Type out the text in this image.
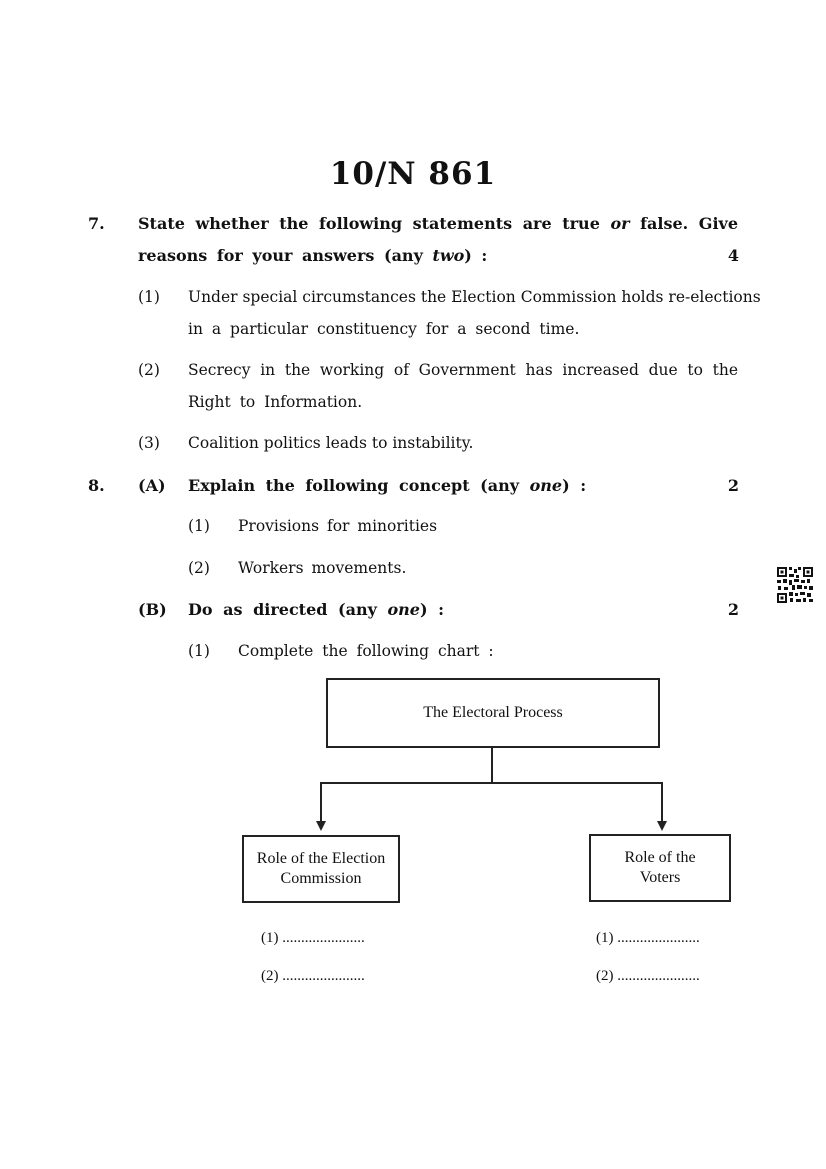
10/N 861
7. State whether the following statements are true or false. Give
reasons for your answers (any two) :	4
(1) Under special circumstances the Election Commission holds re-elections
in a particular constituency for a second time.
(2) Secrecy in the working of Government has increased due to the
Right to Information.
(3) Coalition politics leads to instability.
8. (A) Explain the following concept (any one) :	2
(1) Provisions for minorities
(2) Workers movements.
(B) Do as directed (any one) :	2
(1) Complete the following chart :
The Electoral Process
Role of the Election Commission
Role of the Voters
(1) ......................
(2) ......................
(1) ......................
(2) ......................
